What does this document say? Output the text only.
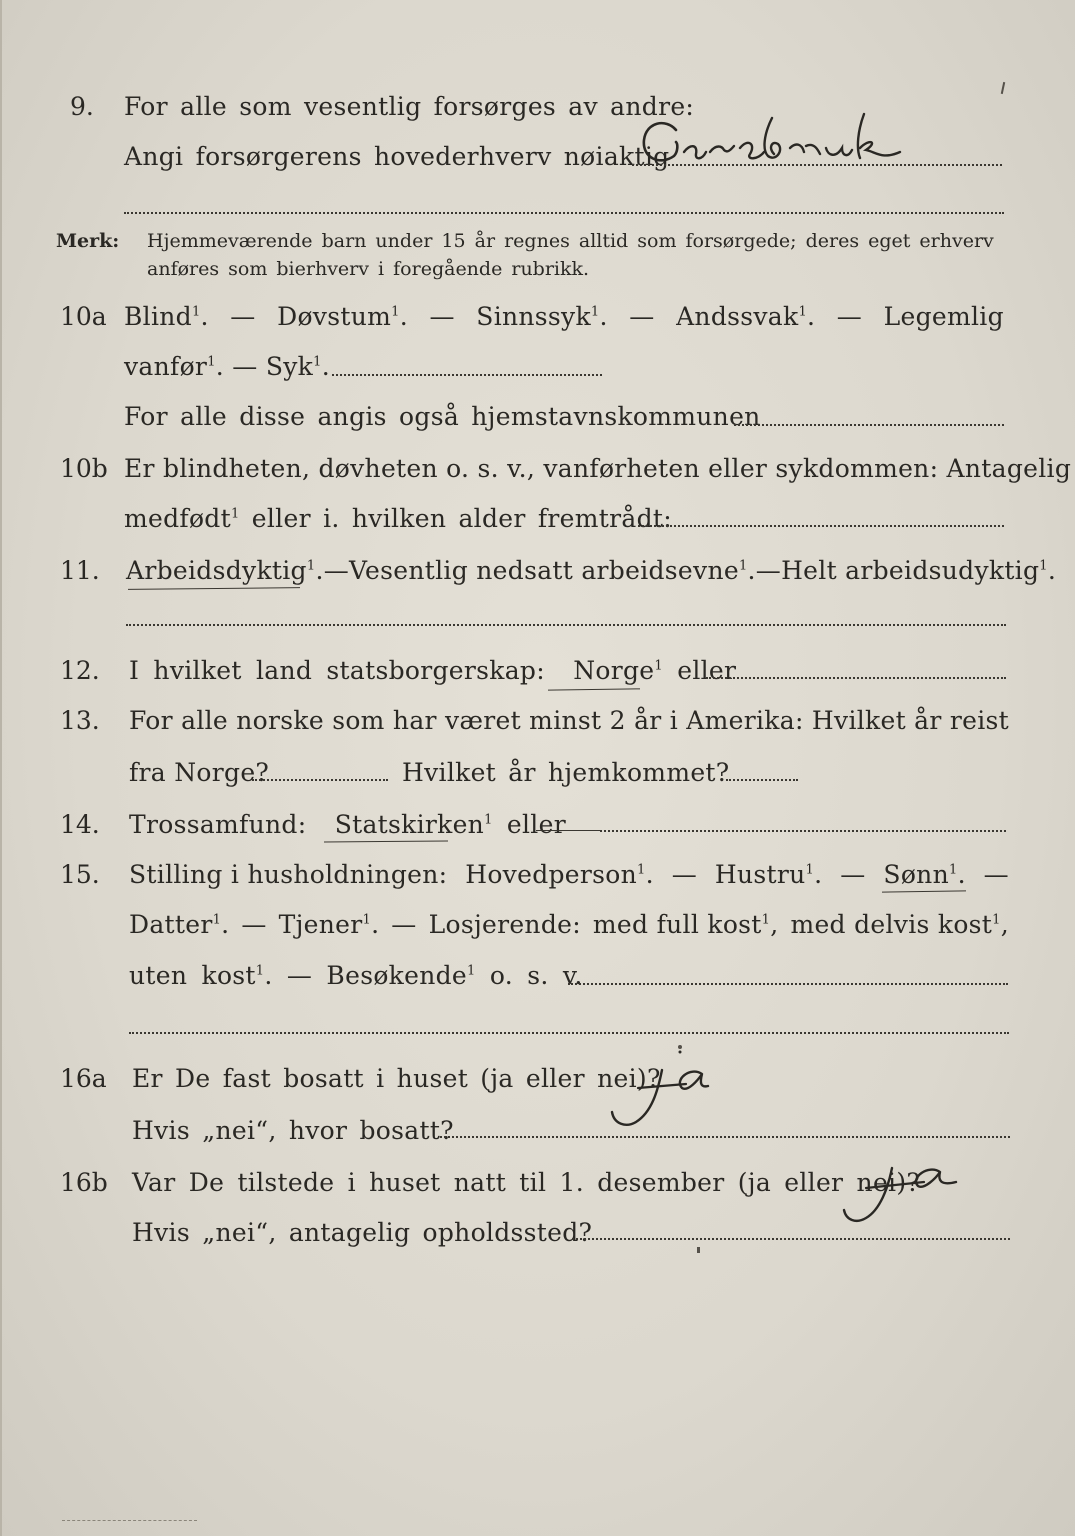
9. For alle som vesentlig forsørges av andre:
Angi forsørgerens hovederhverv nøiaktig
Merk: Hjemmeværende barn under 15 år regnes alltid som forsørgede; deres eget erhverv
anføres som bierhverv i foregående rubrikk.
10a Blind$^1$. — Døvstum$^1$. — Sinnssyk$^1$. — Andssvak$^1$. — Legemlig
vanfør$^1$. — Syk$^1$.
For alle disse angis også hjemstavnskommunen
10b Er blindheten, døvheten o. s. v., vanførheten eller sykdommen: Antagelig
medfødt$^1$ eller i. hvilken alder fremtrådt:
11. Arbeidsdyktig$^1$. — Vesentlig nedsatt arbeidsevne$^1$. — Helt arbeidsudyktig$^1$.
12. I hvilket land statsborgerskap: Norge$^1$ eller
13. For alle norske som har været minst 2 år i Amerika: Hvilket år reist
fra Norge?	Hvilket år hjemkommet?
14. Trossamfund: Statskirken$^1$ eller
15. Stilling i husholdningen: Hovedperson$^1$. — Hustru$^1$. — Sønn$^1$. —
Datter$^1$. — Tjener$^1$. — Losjerende: med full kost$^1$, med delvis kost$^1$,
uten kost$^1$. — Besøkende$^1$ o. s. v.
16a Er De fast bosatt i huset (ja eller nei)?
Hvis „nei“, hvor bosatt?
16b Var De tilstede i huset natt til 1. desember (ja eller nei)?
Hvis „nei“, antagelig opholdssted?
